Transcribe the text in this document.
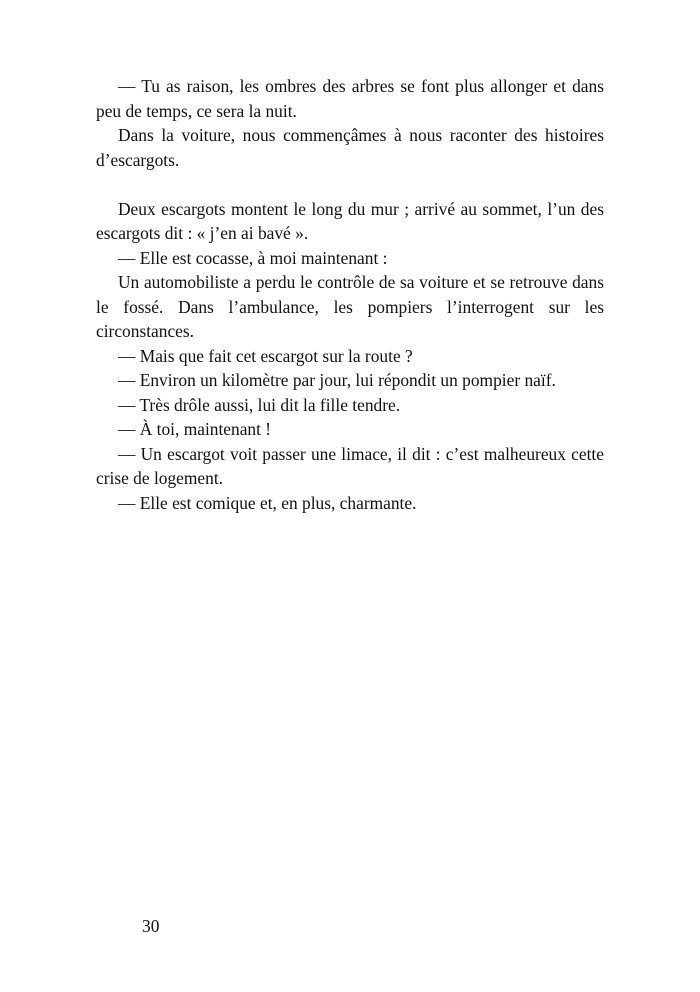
— Tu as raison, les ombres des arbres se font plus allonger et dans peu de temps, ce sera la nuit.

Dans la voiture, nous commençâmes à nous raconter des histoires d’escargots.

Deux escargots montent le long du mur ; arrivé au sommet, l’un des escargots dit : « j’en ai bavé ».

— Elle est cocasse, à moi maintenant :

Un automobiliste a perdu le contrôle de sa voiture et se retrouve dans le fossé. Dans l’ambulance, les pompiers l’interrogent sur les circonstances.

— Mais que fait cet escargot sur la route ?

— Environ un kilomètre par jour, lui répondit un pompier naïf.

— Très drôle aussi, lui dit la fille tendre.

— À toi, maintenant !

— Un escargot voit passer une limace, il dit : c’est malheureux cette crise de logement.

— Elle est comique et, en plus, charmante.

30
